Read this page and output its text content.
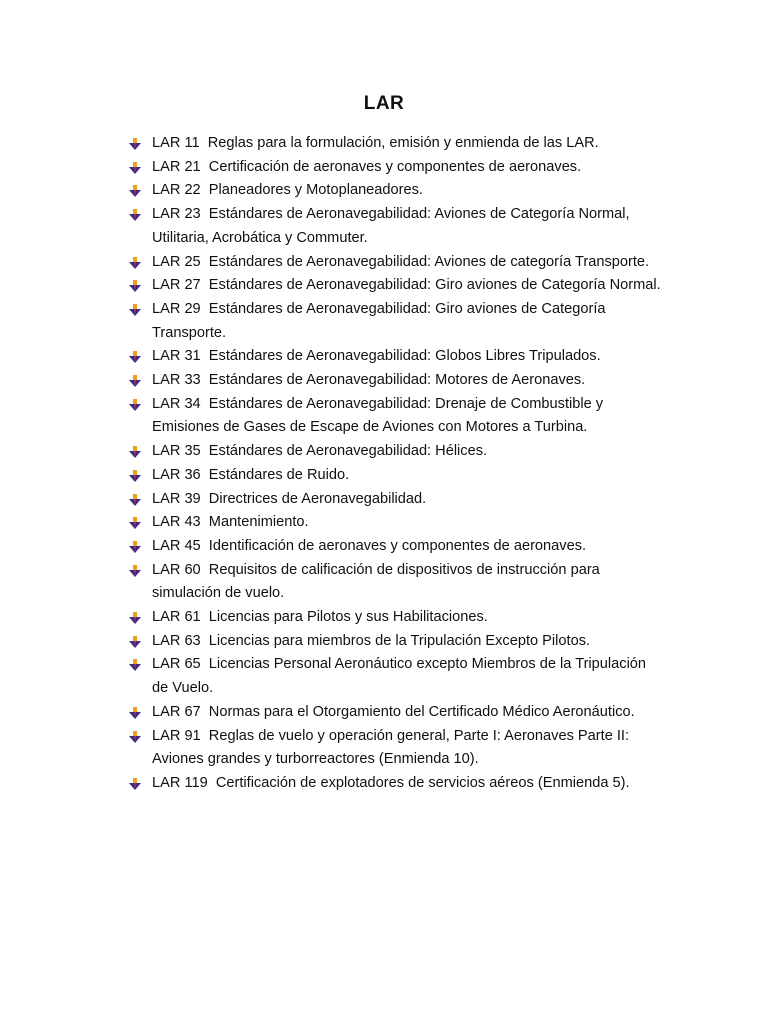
LAR
LAR 11  Reglas para la formulación, emisión y enmienda de las LAR.
LAR 21  Certificación de aeronaves y componentes de aeronaves.
LAR 22  Planeadores y Motoplaneadores.
LAR 23  Estándares de Aeronavegabilidad: Aviones de Categoría Normal, Utilitaria, Acrobática y Commuter.
LAR 25  Estándares de Aeronavegabilidad: Aviones de categoría Transporte.
LAR 27  Estándares de Aeronavegabilidad: Giro aviones de Categoría Normal.
LAR 29  Estándares de Aeronavegabilidad: Giro aviones de Categoría Transporte.
LAR 31  Estándares de Aeronavegabilidad: Globos Libres Tripulados.
LAR 33  Estándares de Aeronavegabilidad: Motores de Aeronaves.
LAR 34  Estándares de Aeronavegabilidad: Drenaje de Combustible y Emisiones de Gases de Escape de Aviones con Motores a Turbina.
LAR 35  Estándares de Aeronavegabilidad: Hélices.
LAR 36  Estándares de Ruido.
LAR 39  Directrices de Aeronavegabilidad.
LAR 43  Mantenimiento.
LAR 45  Identificación de aeronaves y componentes de aeronaves.
LAR 60  Requisitos de calificación de dispositivos de instrucción para simulación de vuelo.
LAR 61  Licencias para Pilotos y sus Habilitaciones.
LAR 63  Licencias para miembros de la Tripulación Excepto Pilotos.
LAR 65  Licencias Personal Aeronáutico excepto Miembros de la Tripulación de Vuelo.
LAR 67  Normas para el Otorgamiento del Certificado Médico Aeronáutico.
LAR 91  Reglas de vuelo y operación general, Parte I: Aeronaves Parte II: Aviones grandes y turborreactores (Enmienda 10).
LAR 119  Certificación de explotadores de servicios aéreos (Enmienda 5).
